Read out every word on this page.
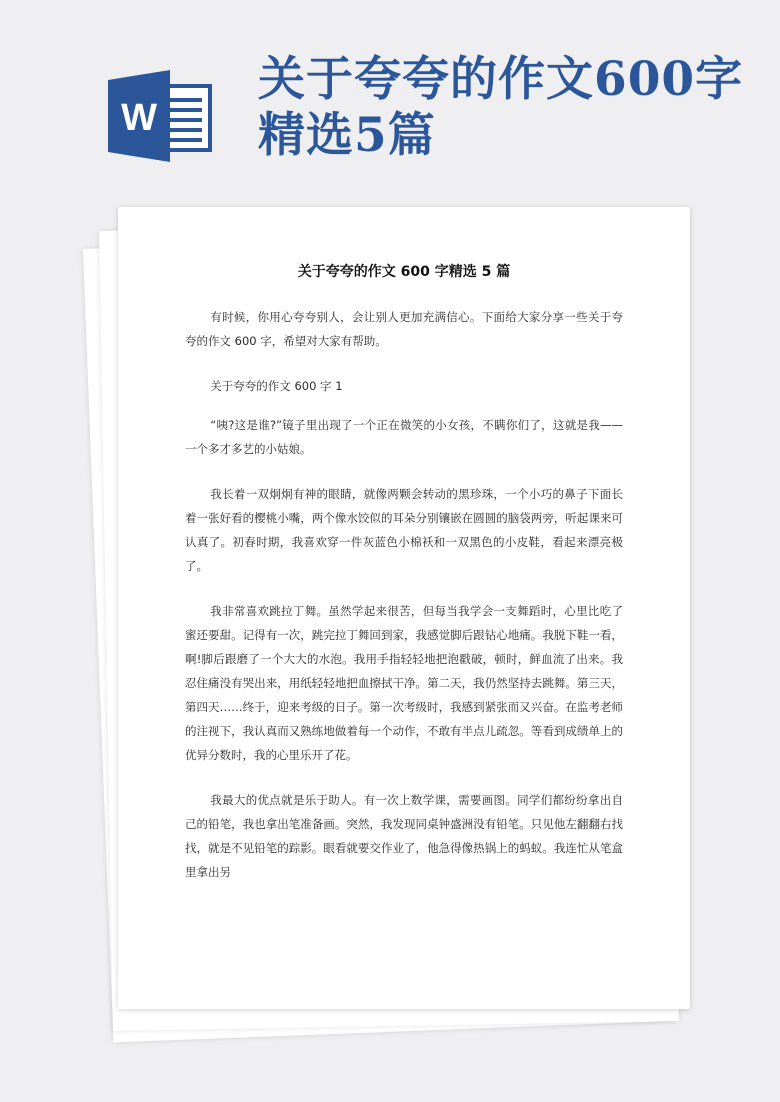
W
关于夸夸的作文600字精选5篇
关于夸夸的作文 600 字精选 5 篇

有时候，你用心夸夸别人，会让别人更加充满信心。下面给大家分享一些关于夸夸的作文 600 字，希望对大家有帮助。

关于夸夸的作文 600 字 1

“咦?这是谁?”镜子里出现了一个正在微笑的小女孩，不瞒你们了，这就是我——一个多才多艺的小姑娘。

我长着一双炯炯有神的眼睛，就像两颗会转动的黑珍珠，一个小巧的鼻子下面长着一张好看的樱桃小嘴，两个像水饺似的耳朵分别镶嵌在圆圆的脑袋两旁，听起课来可认真了。初春时期，我喜欢穿一件灰蓝色小棉袄和一双黑色的小皮鞋，看起来漂亮极了。

我非常喜欢跳拉丁舞。虽然学起来很苦，但每当我学会一支舞蹈时，心里比吃了蜜还要甜。记得有一次，跳完拉丁舞回到家，我感觉脚后跟钻心地痛。我脱下鞋一看，啊!脚后跟磨了一个大大的水泡。我用手指轻轻地把泡戳破，顿时，鲜血流了出来。我忍住痛没有哭出来，用纸轻轻地把血擦拭干净。第二天，我仍然坚持去跳舞。第三天，第四天……终于，迎来考级的日子。第一次考级时，我感到紧张而又兴奋。在监考老师的注视下，我认真而又熟练地做着每一个动作，不敢有半点儿疏忽。等看到成绩单上的优异分数时，我的心里乐开了花。

我最大的优点就是乐于助人。有一次上数学课，需要画图。同学们都纷纷拿出自己的铅笔，我也拿出笔准备画。突然，我发现同桌钟盛洲没有铅笔。只见他左翻翻右找找，就是不见铅笔的踪影。眼看就要交作业了，他急得像热锅上的蚂蚁。我连忙从笔盒里拿出另
